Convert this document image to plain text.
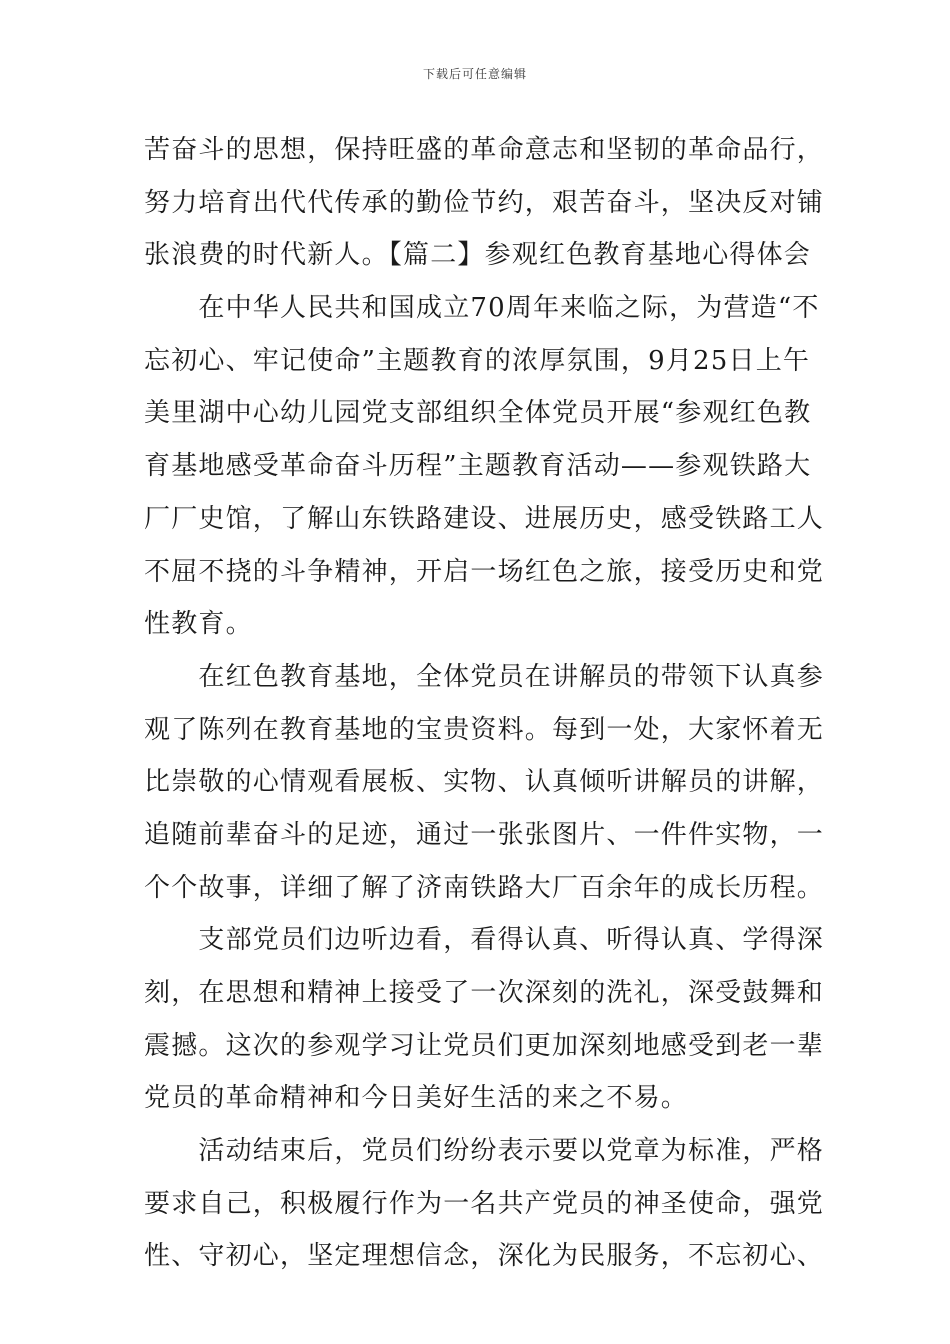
下载后可任意编辑
苦奋斗的思想，保持旺盛的革命意志和坚韧的革命品行，
努力培育出代代传承的勤俭节约，艰苦奋斗，坚决反对铺
张浪费的时代新人。【篇二】参观红色教育基地心得体会
　　在中华人民共和国成立70周年来临之际，为营造“不
忘初心、牢记使命”主题教育的浓厚氛围，9月25日上午
美里湖中心幼儿园党支部组织全体党员开展“参观红色教
育基地感受革命奋斗历程”主题教育活动——参观铁路大
厂厂史馆，了解山东铁路建设、进展历史，感受铁路工人
不屈不挠的斗争精神，开启一场红色之旅，接受历史和党
性教育。
　　在红色教育基地，全体党员在讲解员的带领下认真参
观了陈列在教育基地的宝贵资料。每到一处，大家怀着无
比崇敬的心情观看展板、实物、认真倾听讲解员的讲解，
追随前辈奋斗的足迹，通过一张张图片、一件件实物，一
个个故事，详细了解了济南铁路大厂百余年的成长历程。
　　支部党员们边听边看，看得认真、听得认真、学得深
刻，在思想和精神上接受了一次深刻的洗礼，深受鼓舞和
震撼。这次的参观学习让党员们更加深刻地感受到老一辈
党员的革命精神和今日美好生活的来之不易。
　　活动结束后，党员们纷纷表示要以党章为标准，严格
要求自己，积极履行作为一名共产党员的神圣使命，强党
性、守初心，坚定理想信念，深化为民服务，不忘初心、
